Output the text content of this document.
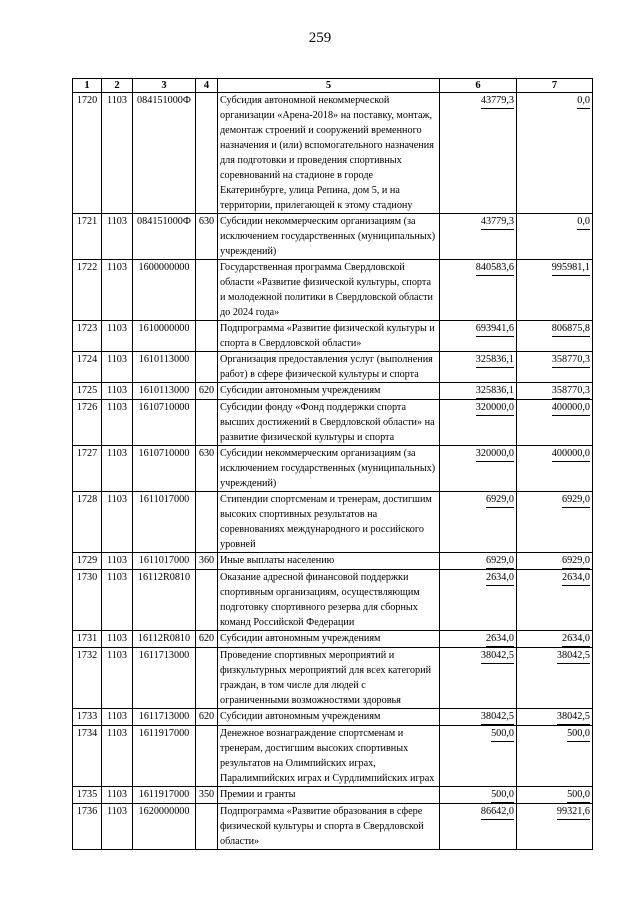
259
1	2	3	4	5	6	7
1720	1103	084151000Ф		Субсидия автономной некоммерческой организации «Арена-2018» на поставку, монтаж, демонтаж строений и сооружений временного назначения и (или) вспомогательного назначения для подготовки и проведения спортивных соревнований на стадионе в городе Екатеринбурге, улица Репина, дом 5, и на территории, прилегающей к этому стадиону	43779,3	0,0
1721	1103	084151000Ф	630	Субсидии некоммерческим организациям (за исключением государственных (муниципальных) учреждений)	43779,3	0,0
1722	1103	1600000000		Государственная программа Свердловской области «Развитие физической культуры, спорта и молодежной политики в Свердловской области до 2024 года»	840583,6	995981,1
1723	1103	1610000000		Подпрограмма «Развитие физической культуры и спорта в Свердловской области»	693941,6	806875,8
1724	1103	1610113000		Организация предоставления услуг (выполнения работ) в сфере физической культуры и спорта	325836,1	358770,3
1725	1103	1610113000	620	Субсидии автономным учреждениям	325836,1	358770,3
1726	1103	1610710000		Субсидии фонду «Фонд поддержки спорта высших достижений в Свердловской области» на развитие физической культуры и спорта	320000,0	400000,0
1727	1103	1610710000	630	Субсидии некоммерческим организациям (за исключением государственных (муниципальных) учреждений)	320000,0	400000,0
1728	1103	1611017000		Стипендии спортсменам и тренерам, достигшим высоких спортивных результатов на соревнованиях международного и российского уровней	6929,0	6929,0
1729	1103	1611017000	360	Иные выплаты населению	6929,0	6929,0
1730	1103	16112R0810		Оказание адресной финансовой поддержки спортивным организациям, осуществляющим подготовку спортивного резерва для сборных команд Российской Федерации	2634,0	2634,0
1731	1103	16112R0810	620	Субсидии автономным учреждениям	2634,0	2634,0
1732	1103	1611713000		Проведение спортивных мероприятий и физкультурных мероприятий для всех категорий граждан, в том числе для людей с ограниченными возможностями здоровья	38042,5	38042,5
1733	1103	1611713000	620	Субсидии автономным учреждениям	38042,5	38042,5
1734	1103	1611917000		Денежное вознаграждение спортсменам и тренерам, достигшим высоких спортивных результатов на Олимпийских играх, Паралимпийских играх и Сурдлимпийских играх	500,0	500,0
1735	1103	1611917000	350	Премии и гранты	500,0	500,0
1736	1103	1620000000		Подпрограмма «Развитие образования в сфере физической культуры и спорта в Свердловской области»	86642,0	99321,6
